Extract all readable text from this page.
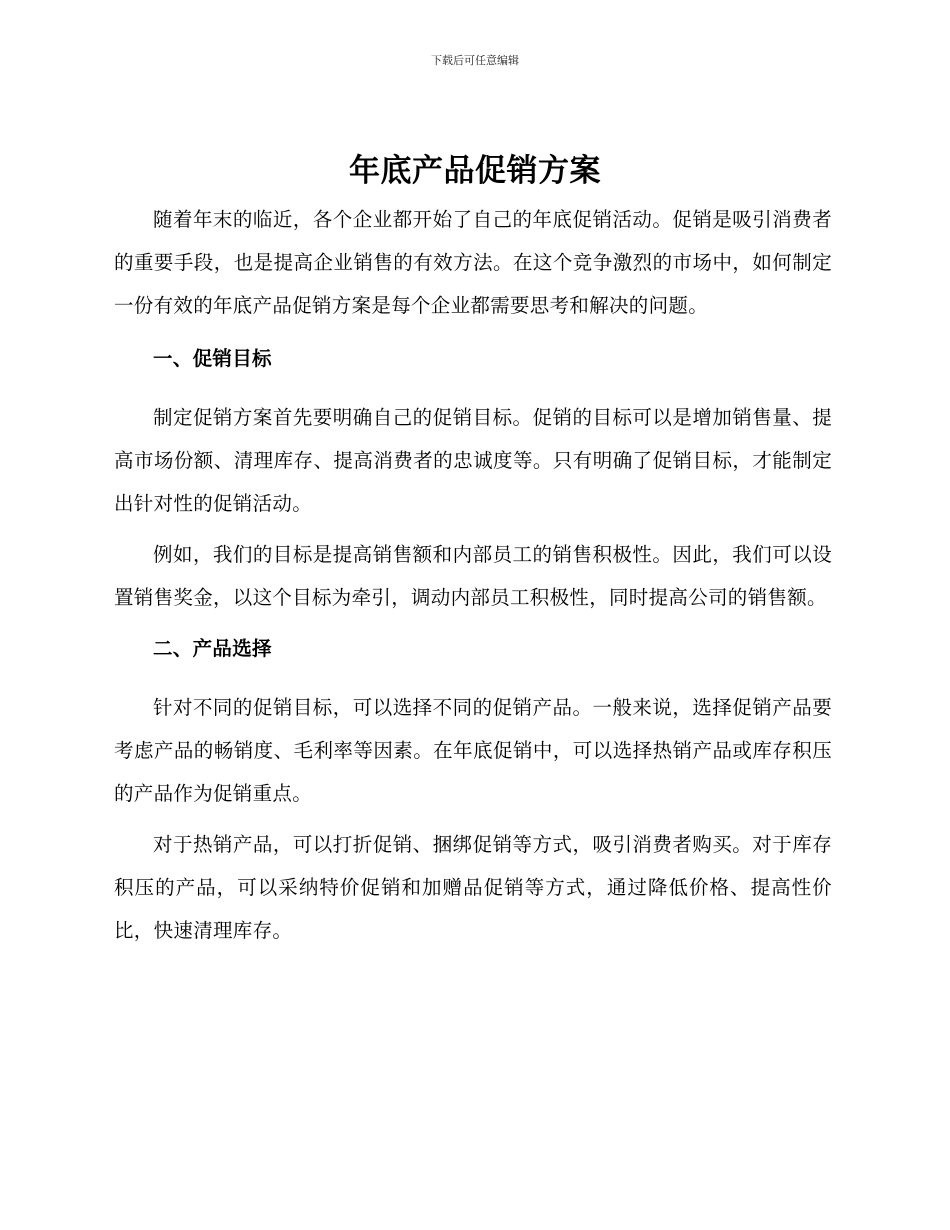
下载后可任意编辑
年底产品促销方案

随着年末的临近，各个企业都开始了自己的年底促销活动。促销是吸引消费者的重要手段，也是提高企业销售的有效方法。在这个竞争激烈的市场中，如何制定一份有效的年底产品促销方案是每个企业都需要思考和解决的问题。

一、促销目标

制定促销方案首先要明确自己的促销目标。促销的目标可以是增加销售量、提高市场份额、清理库存、提高消费者的忠诚度等。只有明确了促销目标，才能制定出针对性的促销活动。

例如，我们的目标是提高销售额和内部员工的销售积极性。因此，我们可以设置销售奖金，以这个目标为牵引，调动内部员工积极性，同时提高公司的销售额。

二、产品选择

针对不同的促销目标，可以选择不同的促销产品。一般来说，选择促销产品要考虑产品的畅销度、毛利率等因素。在年底促销中，可以选择热销产品或库存积压的产品作为促销重点。

对于热销产品，可以打折促销、捆绑促销等方式，吸引消费者购买。对于库存积压的产品，可以采纳特价促销和加赠品促销等方式，通过降低价格、提高性价比，快速清理库存。
